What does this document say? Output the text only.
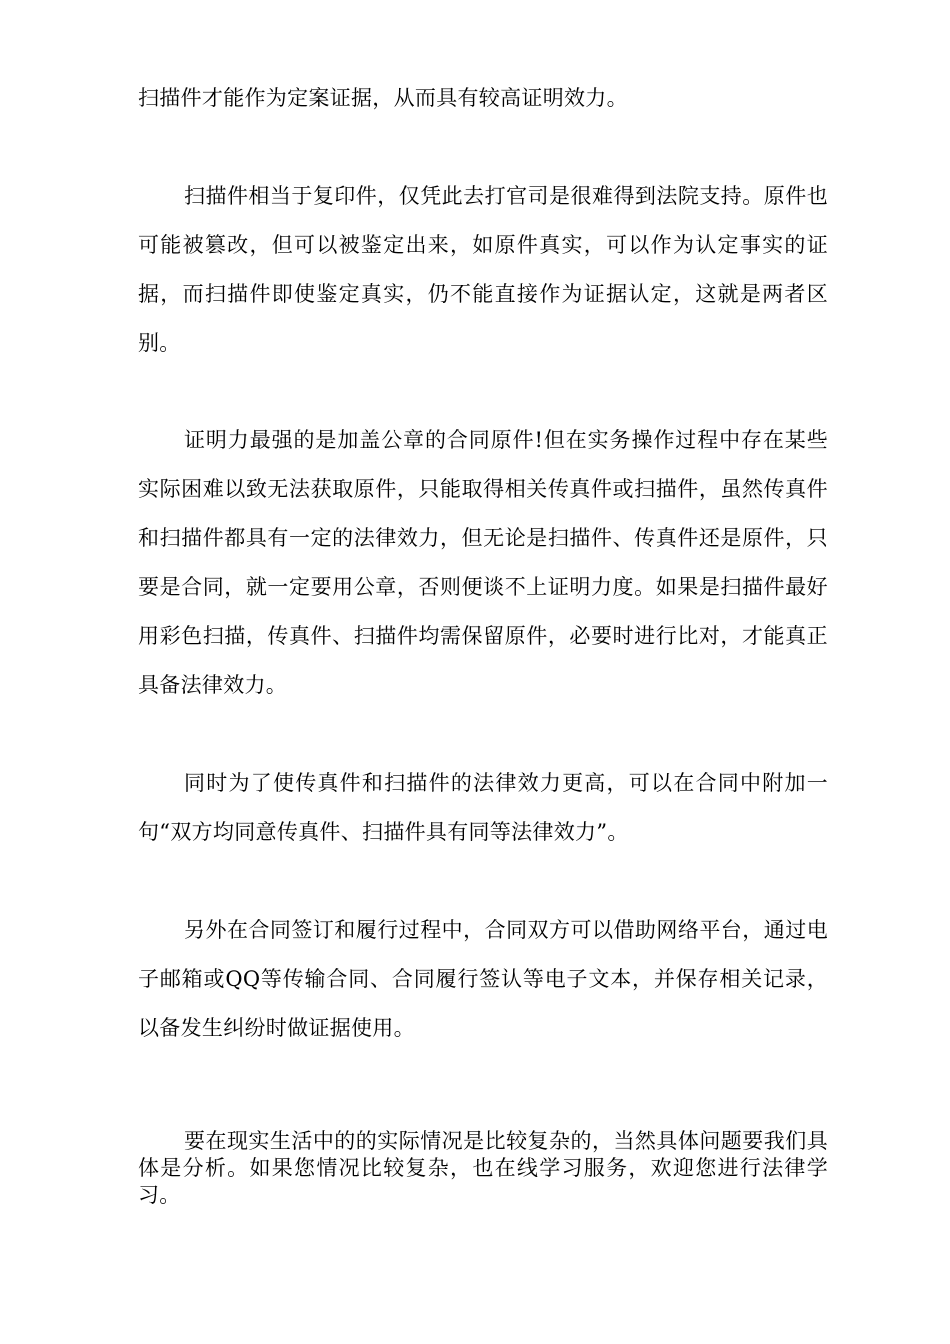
扫描件才能作为定案证据，从而具有较高证明效力。

扫描件相当于复印件，仅凭此去打官司是很难得到法院支持。原件也可能被篡改，但可以被鉴定出来，如原件真实，可以作为认定事实的证据，而扫描件即使鉴定真实，仍不能直接作为证据认定，这就是两者区别。

证明力最强的是加盖公章的合同原件!但在实务操作过程中存在某些实际困难以致无法获取原件，只能取得相关传真件或扫描件，虽然传真件和扫描件都具有一定的法律效力，但无论是扫描件、传真件还是原件，只要是合同，就一定要用公章，否则便谈不上证明力度。如果是扫描件最好用彩色扫描，传真件、扫描件均需保留原件，必要时进行比对，才能真正具备法律效力。

同时为了使传真件和扫描件的法律效力更高，可以在合同中附加一句“双方均同意传真件、扫描件具有同等法律效力”。

另外在合同签订和履行过程中，合同双方可以借助网络平台，通过电子邮箱或QQ等传输合同、合同履行签认等电子文本，并保存相关记录，以备发生纠纷时做证据使用。

要在现实生活中的的实际情况是比较复杂的，当然具体问题要我们具体是分析。如果您情况比较复杂，也在线学习服务，欢迎您进行法律学习。
